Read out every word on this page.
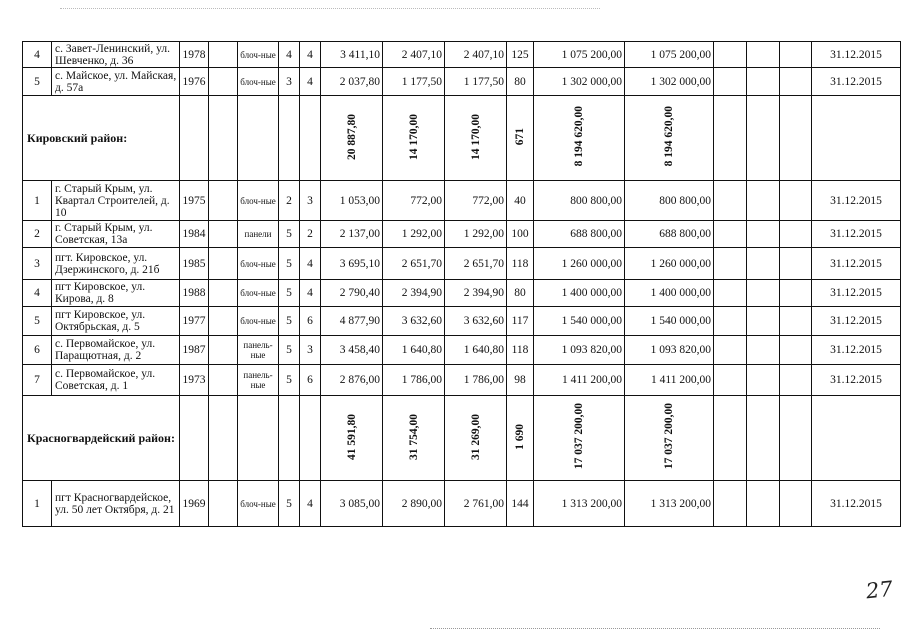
4	с. Завет-Ленинский, ул. Шевченко, д. 36	1978		блоч-ные	4	4	3 411,10	2 407,10	2 407,10	125	1 075 200,00	1 075 200,00				31.12.2015
5	с. Майское, ул. Майская, д. 57а	1976		блоч-ные	3	4	2 037,80	1 177,50	1 177,50	80	1 302 000,00	1 302 000,00				31.12.2015
Кировский район:							20 887,80	14 170,00	14 170,00	671	8 194 620,00	8 194 620,00				
1	г. Старый Крым, ул. Квартал Строителей, д. 10	1975		блоч-ные	2	3	1 053,00	772,00	772,00	40	800 800,00	800 800,00				31.12.2015
2	г. Старый Крым, ул. Советская, 13а	1984		панели	5	2	2 137,00	1 292,00	1 292,00	100	688 800,00	688 800,00				31.12.2015
3	пгт. Кировское, ул. Дзержинского, д. 21б	1985		блоч-ные	5	4	3 695,10	2 651,70	2 651,70	118	1 260 000,00	1 260 000,00				31.12.2015
4	пгт Кировское, ул. Кирова, д. 8	1988		блоч-ные	5	4	2 790,40	2 394,90	2 394,90	80	1 400 000,00	1 400 000,00				31.12.2015
5	пгт Кировское, ул. Октябрьская, д. 5	1977		блоч-ные	5	6	4 877,90	3 632,60	3 632,60	117	1 540 000,00	1 540 000,00				31.12.2015
6	с. Первомайское, ул. Паращютная, д. 2	1987		панель-ные	5	3	3 458,40	1 640,80	1 640,80	118	1 093 820,00	1 093 820,00				31.12.2015
7	с. Первомайское, ул. Советская, д. 1	1973		панель-ные	5	6	2 876,00	1 786,00	1 786,00	98	1 411 200,00	1 411 200,00				31.12.2015
Красногвардейский район:							41 591,80	31 754,00	31 269,00	1 690	17 037 200,00	17 037 200,00				
1	пгт Красногвардейское, ул. 50 лет Октября, д. 21	1969		блоч-ные	5	4	3 085,00	2 890,00	2 761,00	144	1 313 200,00	1 313 200,00				31.12.2015
27
